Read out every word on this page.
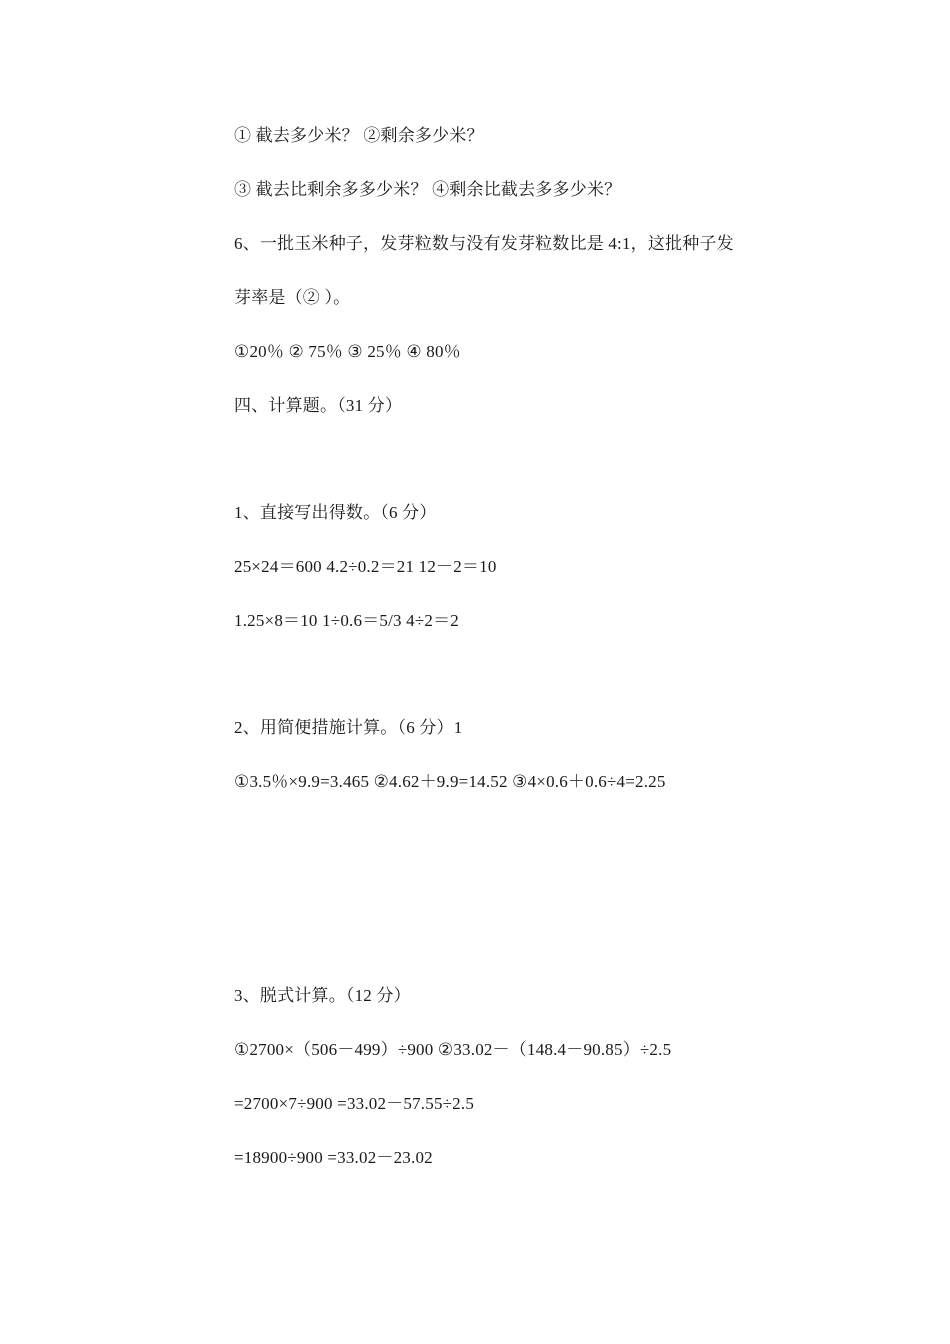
① 截去多少米？ ②剩余多少米？
③ 截去比剩余多多少米？ ④剩余比截去多多少米？
6、一批玉米种子，发芽粒数与没有发芽粒数比是 4:1，这批种子发
芽率是（② ）。
①20％ ② 75％ ③ 25％ ④ 80％
四、计算题。（31 分）
1、直接写出得数。（6 分）
25×24＝600 4.2÷0.2＝21 12－2＝10
1.25×8＝10 1÷0.6＝5/3 4÷2＝2
2、用简便措施计算。（6 分）1
①3.5％×9.9=3.465 ②4.62＋9.9=14.52 ③4×0.6＋0.6÷4=2.25
3、脱式计算。（12 分）
①2700×（506－499）÷900 ②33.02－（148.4－90.85）÷2.5
=2700×7÷900 =33.02－57.55÷2.5
=18900÷900 =33.02－23.02
